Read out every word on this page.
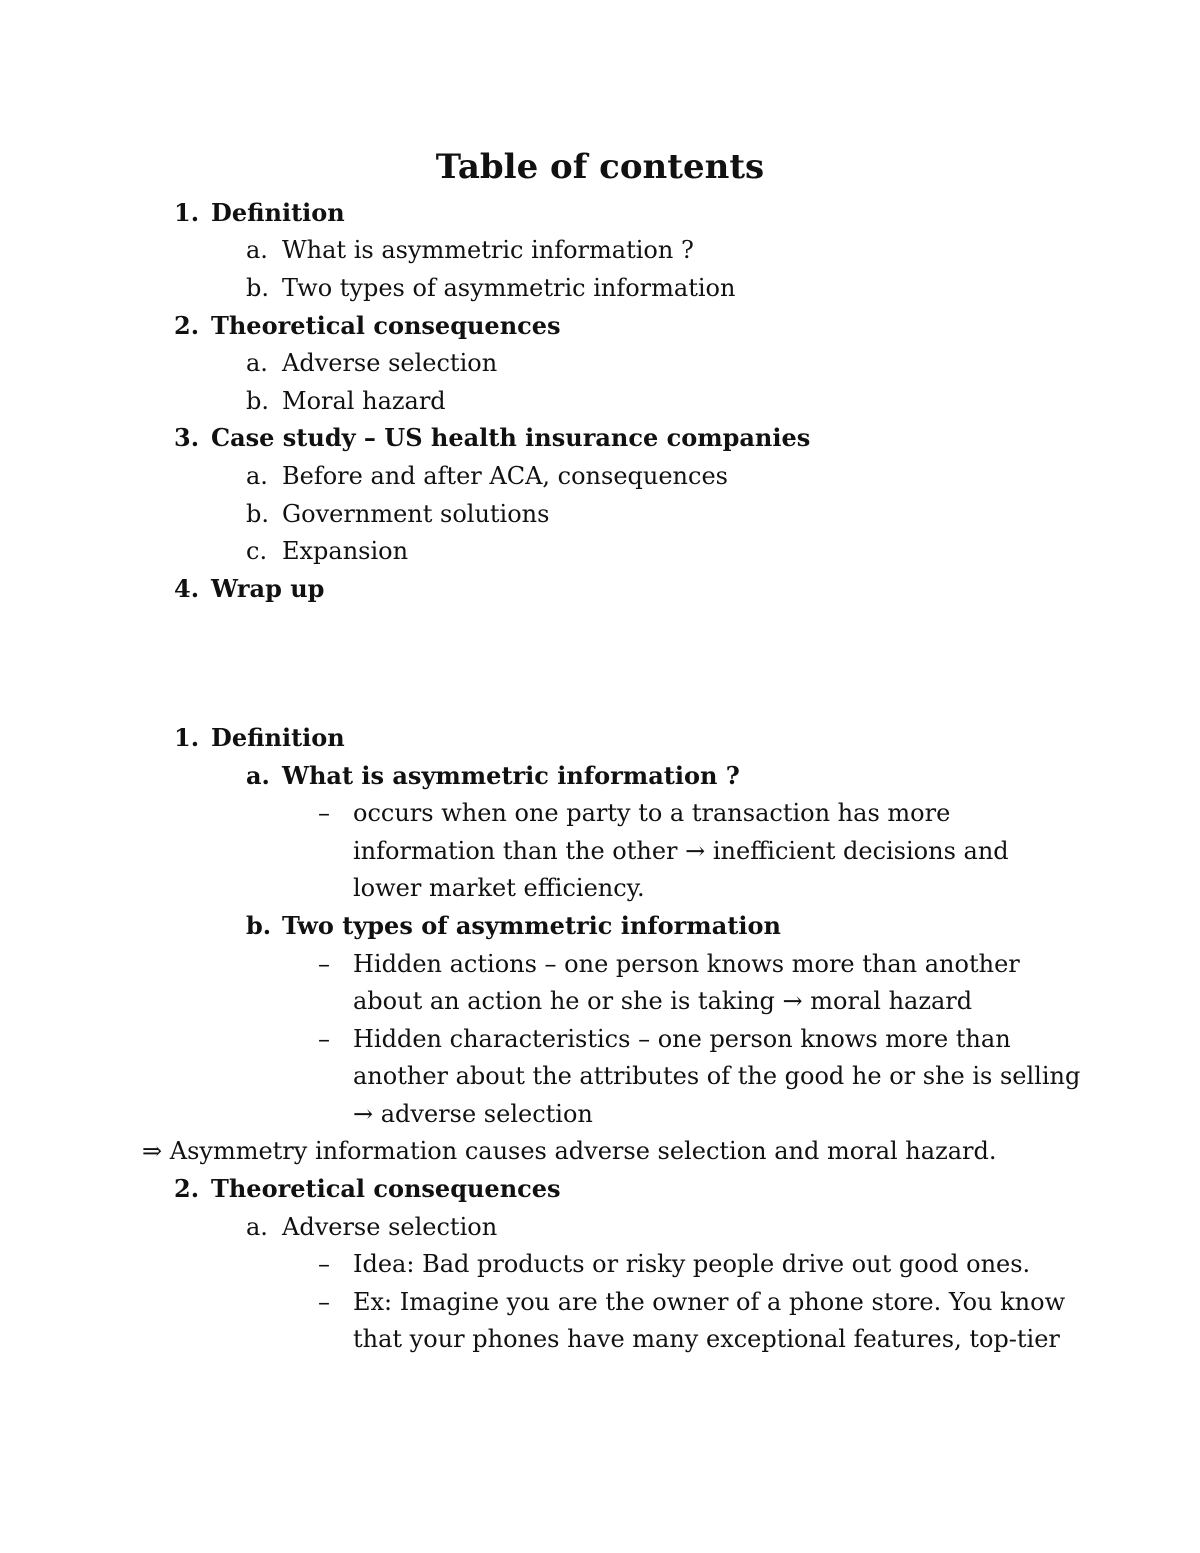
Table of contents
1. Definition
a. What is asymmetric information ?
b. Two types of asymmetric information
2. Theoretical consequences
a. Adverse selection
b. Moral hazard
3. Case study – US health insurance companies
a. Before and after ACA, consequences
b. Government solutions
c. Expansion
4. Wrap up
1. Definition
a. What is asymmetric information ?
– occurs when one party to a transaction has more
information than the other → inefficient decisions and
lower market efficiency.
b. Two types of asymmetric information
– Hidden actions – one person knows more than another
about an action he or she is taking → moral hazard
– Hidden characteristics – one person knows more than
another about the attributes of the good he or she is selling
→ adverse selection
⇒ Asymmetry information causes adverse selection and moral hazard.
2. Theoretical consequences
a. Adverse selection
– Idea: Bad products or risky people drive out good ones.
– Ex: Imagine you are the owner of a phone store. You know
that your phones have many exceptional features, top-tier
